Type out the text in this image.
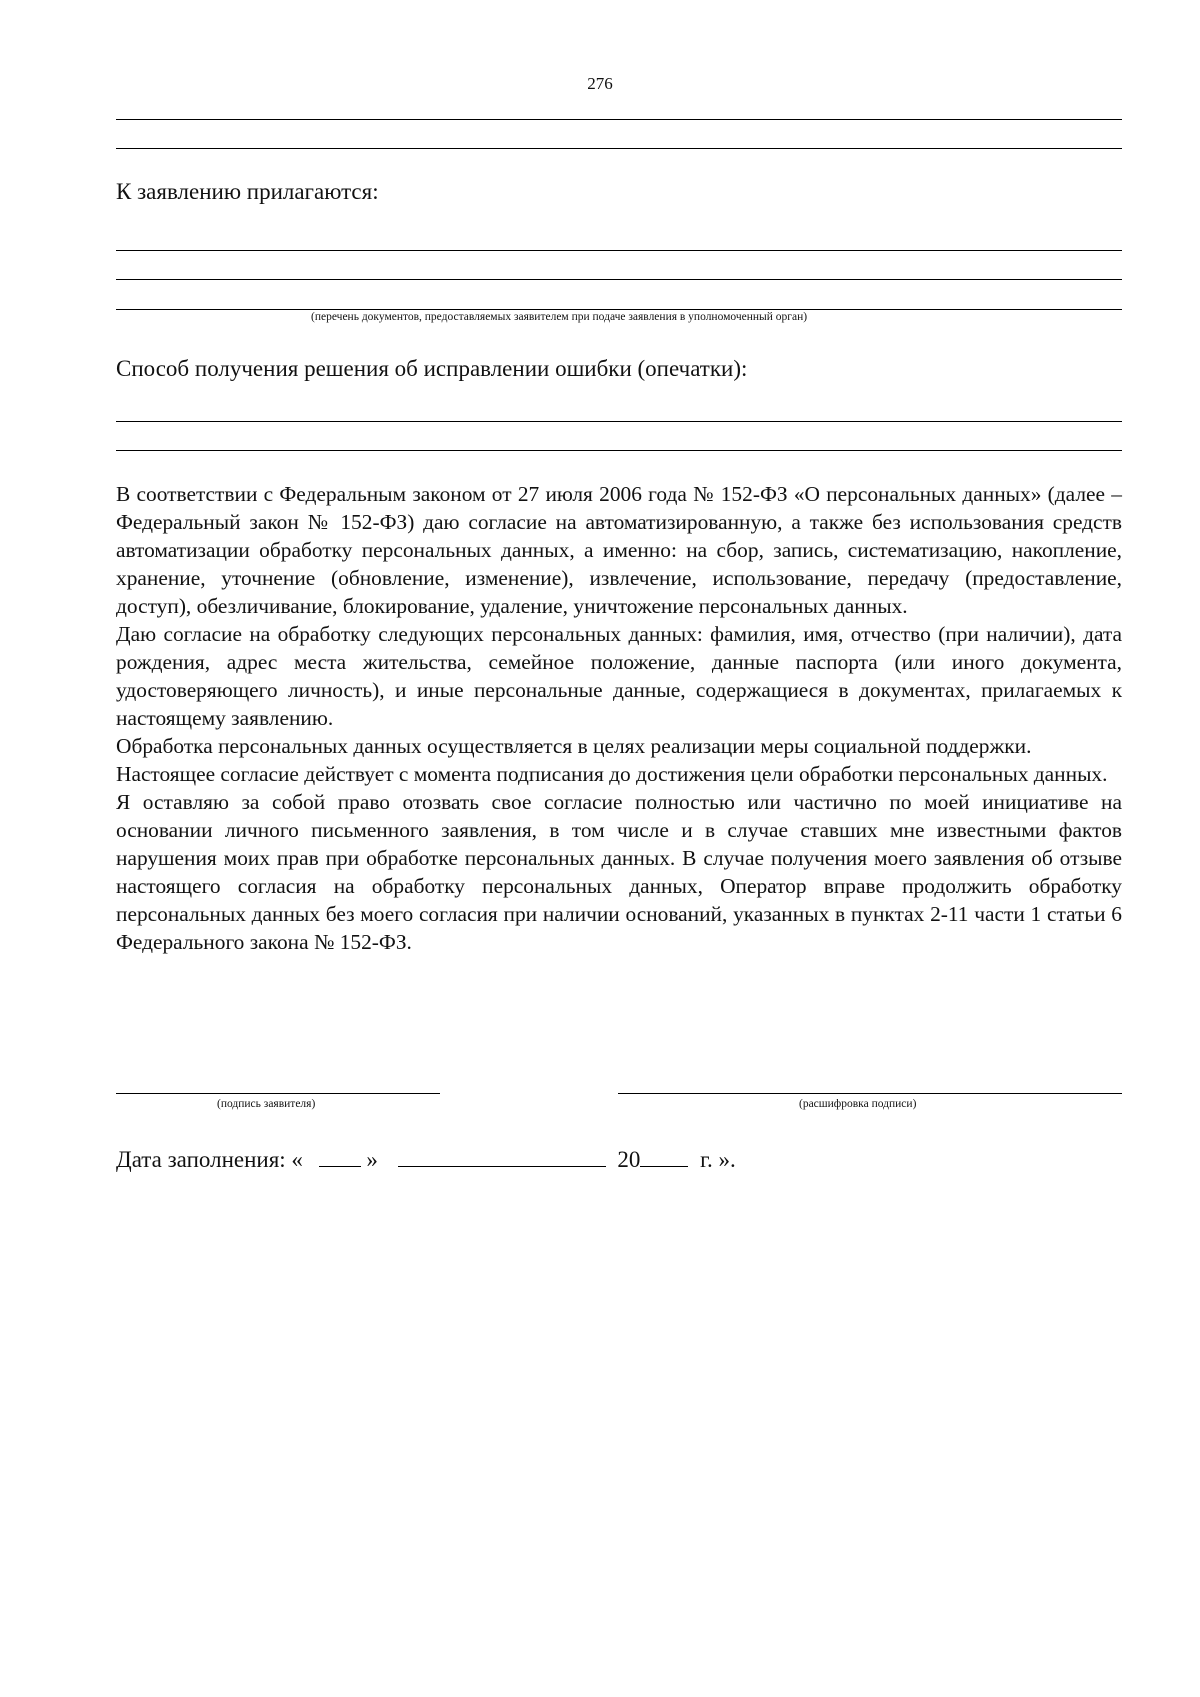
276
К заявлению прилагаются:
(перечень документов, предоставляемых заявителем при подаче заявления в уполномоченный орган)
Способ получения решения об исправлении ошибки (опечатки):

В соответствии с Федеральным законом от 27 июля 2006 года № 152-ФЗ «О персональных данных» (далее – Федеральный закон № 152-ФЗ) даю согласие на автоматизированную, а также без использования средств автоматизации обработку персональных данных, а именно: на сбор, запись, систематизацию, накопление, хранение, уточнение (обновление, изменение), извлечение, использование, передачу (предоставление, доступ), обезличивание, блокирование, удаление, уничтожение персональных данных.

Даю согласие на обработку следующих персональных данных: фамилия, имя, отчество (при наличии), дата рождения, адрес места жительства, семейное положение, данные паспорта (или иного документа, удостоверяющего личность), и иные персональные данные, содержащиеся в документах, прилагаемых к настоящему заявлению.

Обработка персональных данных осуществляется в целях реализации меры социальной поддержки.

Настоящее согласие действует с момента подписания до достижения цели обработки персональных данных.

Я оставляю за собой право отозвать свое согласие полностью или частично по моей инициативе на основании личного письменного заявления, в том числе и в случае ставших мне известными фактов нарушения моих прав при обработке персональных данных. В случае получения моего заявления об отзыве настоящего согласия на обработку персональных данных, Оператор вправе продолжить обработку персональных данных без моего согласия при наличии оснований, указанных в пунктах 2-11 части 1 статьи 6 Федерального закона № 152-ФЗ.

(подпись заявителя)	(расшифровка подписи)
Дата заполнения: «	»	20	г. ».
